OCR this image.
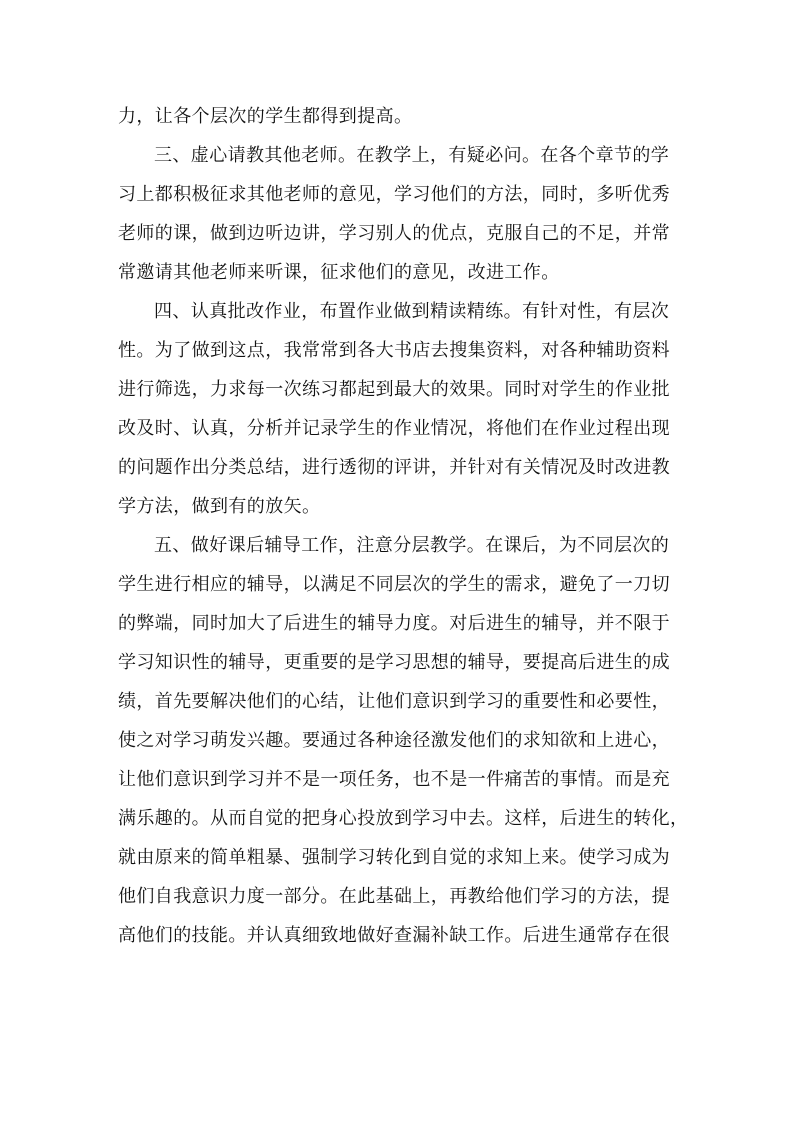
力，让各个层次的学生都得到提高。
三、虚心请教其他老师。在教学上，有疑必问。在各个章节的学
习上都积极征求其他老师的意见，学习他们的方法，同时，多听优秀
老师的课，做到边听边讲，学习别人的优点，克服自己的不足，并常
常邀请其他老师来听课，征求他们的意见，改进工作。
四、认真批改作业，布置作业做到精读精练。有针对性，有层次
性。为了做到这点，我常常到各大书店去搜集资料，对各种辅助资料
进行筛选，力求每一次练习都起到最大的效果。同时对学生的作业批
改及时、认真，分析并记录学生的作业情况，将他们在作业过程出现
的问题作出分类总结，进行透彻的评讲，并针对有关情况及时改进教
学方法，做到有的放矢。
五、做好课后辅导工作，注意分层教学。在课后，为不同层次的
学生进行相应的辅导，以满足不同层次的学生的需求，避免了一刀切
的弊端，同时加大了后进生的辅导力度。对后进生的辅导，并不限于
学习知识性的辅导，更重要的是学习思想的辅导，要提高后进生的成
绩，首先要解决他们的心结，让他们意识到学习的重要性和必要性，
使之对学习萌发兴趣。要通过各种途径激发他们的求知欲和上进心，
让他们意识到学习并不是一项任务，也不是一件痛苦的事情。而是充
满乐趣的。从而自觉的把身心投放到学习中去。这样，后进生的转化，
就由原来的简单粗暴、强制学习转化到自觉的求知上来。使学习成为
他们自我意识力度一部分。在此基础上，再教给他们学习的方法，提
高他们的技能。并认真细致地做好查漏补缺工作。后进生通常存在很
